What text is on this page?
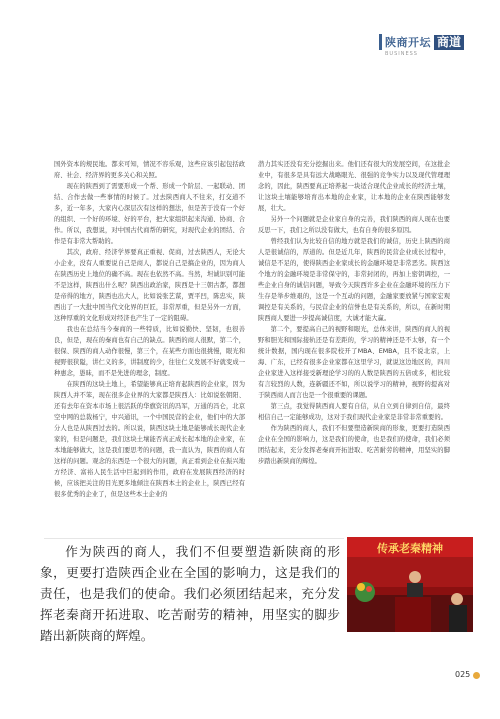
陕商开坛 商道
BUSINESS

国外资本的规民地。都来可知，情况不容乐观，这些应该引起包括政府、社会、经济界的更多关心和关照。

现在的陕西到了需要形成一个帮、形成一个阶层、一起联动、团结、合作去做一些事情的时候了。过去陕西商人不往来，打交道不多，近一年多，大家内心深层次有这样的想法，但是苦于没有一个好的组织、一个好的环境、好的平台，把大家组织起来沟通、协商、合作。所以，我想说，对中国古代商帮的研究，对现代企业的团结、合作是有非常大帮助的。

其次，政府、经济学界要真正重视、促商，过去陕西人，无论大小企业，没有人重要说自己是商人，都说自己是搞企业的，因为商人在陕西历史上地位的确不高。现在也依然不高。当然，坦诚识别可能不是这样，陕西出什么呢？陕西出政治家，陕西是十三朝古都，都想是帝得的地方，陕西也出大人，比如说张艺谋，贾平凹，陈忠实，陕西出了一大批中国当代文化界的巨匠，非常厚重，但是另外一方面，这种厚重的文化形成对经济也产生了一定的阻碍。

我也在总结当今秦商的一些特质，比如说勤快、坚韧，也很善良，但是，现在的秦商也有自己的缺点。陕西的商人很默，第二个，很保、陕西的商人动作很慢，第三个，在某些方面也很挑慢，眼光和视野很狭隘，讲仁义的多，讲制度的少，往往仁义发展不好就变成一种惠念，愚昧，而不是先进的理念，制度。

在陕西的这块土地上，希望能够真正培育起陕西的企业家，因为陕西人并不笨，现在很多企业界的大家都是陕西人：比如说张朝阳、还有去年在资本市场上很活跃的华旗资讯的冯军，万通的冯仑，北京空中网的总裁杨宁，中兴通讯，一个中国民营的企业，他们中的大部分人也是从陕西过去的。所以说，陕西这块土地是能够成长现代企业家的，但是问题是，我们这块土壤能否真正成长起本地的企业家，在本地能够做大，这是我们要思考的问题，我一直认为，陕西的商人有这样的问题。观念的东西是一个很大的问题，真正看到企业在振兴地方经济、富裕人民生活中巨起到的作用，政府在发展陕西经济的时候，应该把关注的目光更多地倾注在陕西本土的企业上，陕西已经有很多优秀的企业了，但是这些本土企业的

潜力其实还没有充分挖掘出来。他们还有很大的发展空间，在这批企业中，有很多是具有远大战略眼光、很强的竞争实力以及现代管理理念的，因此，陕西要真正培养起一块适合现代企业成长的经济土壤，让这块土壤能够培育出本地的企业家，让本地的企业在陕西能够发展，壮大。

另外一个问题就是企业家自身的完善，我们陕西的商人现在也要反思一下，我们之所以没有做大，也有自身的很多原因。

曾经我们认为比较自信的地方就是我们的诚信，历史上陕西的商人是很诚信的，厚道的。但是近几年，陕西的民营企业成长过程中，诚信是不足的，使得陕西企业家成长的金融环境是非常恶劣。陕西这个地方的金融环境是非常保守的，非常封闭的，再加上密钥调控，一些企业自身的诚信问题，导致今天陕西许多企业在金融环境的压力下生存是举步维艰的，这是一个互动的问题，金融家要放紧与国家宏观调控是有关系的，与民营企业的信誉也是有关系的，所以，在新时期陕西商人要进一步提高诚信度，大诚才能大赢。

第二个，要提高自己的视野和眼光，总体来讲，陕西的商人的视野和胆光和国际接轨还是有差距的，学习的精神还是不太够，有一个统计数据，国内现在很多院校开了MBA、EMBA，且不说北京，上海、广东，已经有很多企业家都在这里学习，就说这边地区的，四川企业家进入这样接受新理论学习的的人数是陕西的五倍或多，相比较有言较烈的人数，连新疆还不如，所以说学习的精神，视野的提高对于陕西商人而言也是一个很重要的课题。

第三点，我觉得陕西商人要有自信，从自立到自律到自信，最终相信自己一定能够成功，这对于我们现代企业家是非常非常重要的。

作为陕西的商人，我们不但要塑造新陕商的形象，更要打造陕西企业在全国的影响力，这是我们的使命，也是我们的使命，我们必须团结起来，充分发挥老秦商开拓进取、吃苦耐劳的精神，用坚实的脚步踏出新陕商的辉煌。

作为陕西的商人，我们不但要塑造新陕商的形象，更要打造陕西企业在全国的影响力，这是我们的责任，也是我们的使命。我们必须团结起来，充分发挥老秦商开拓进取、吃苦耐劳的精神，用坚实的脚步踏出新陕商的辉煌。
传承老秦精神
025
